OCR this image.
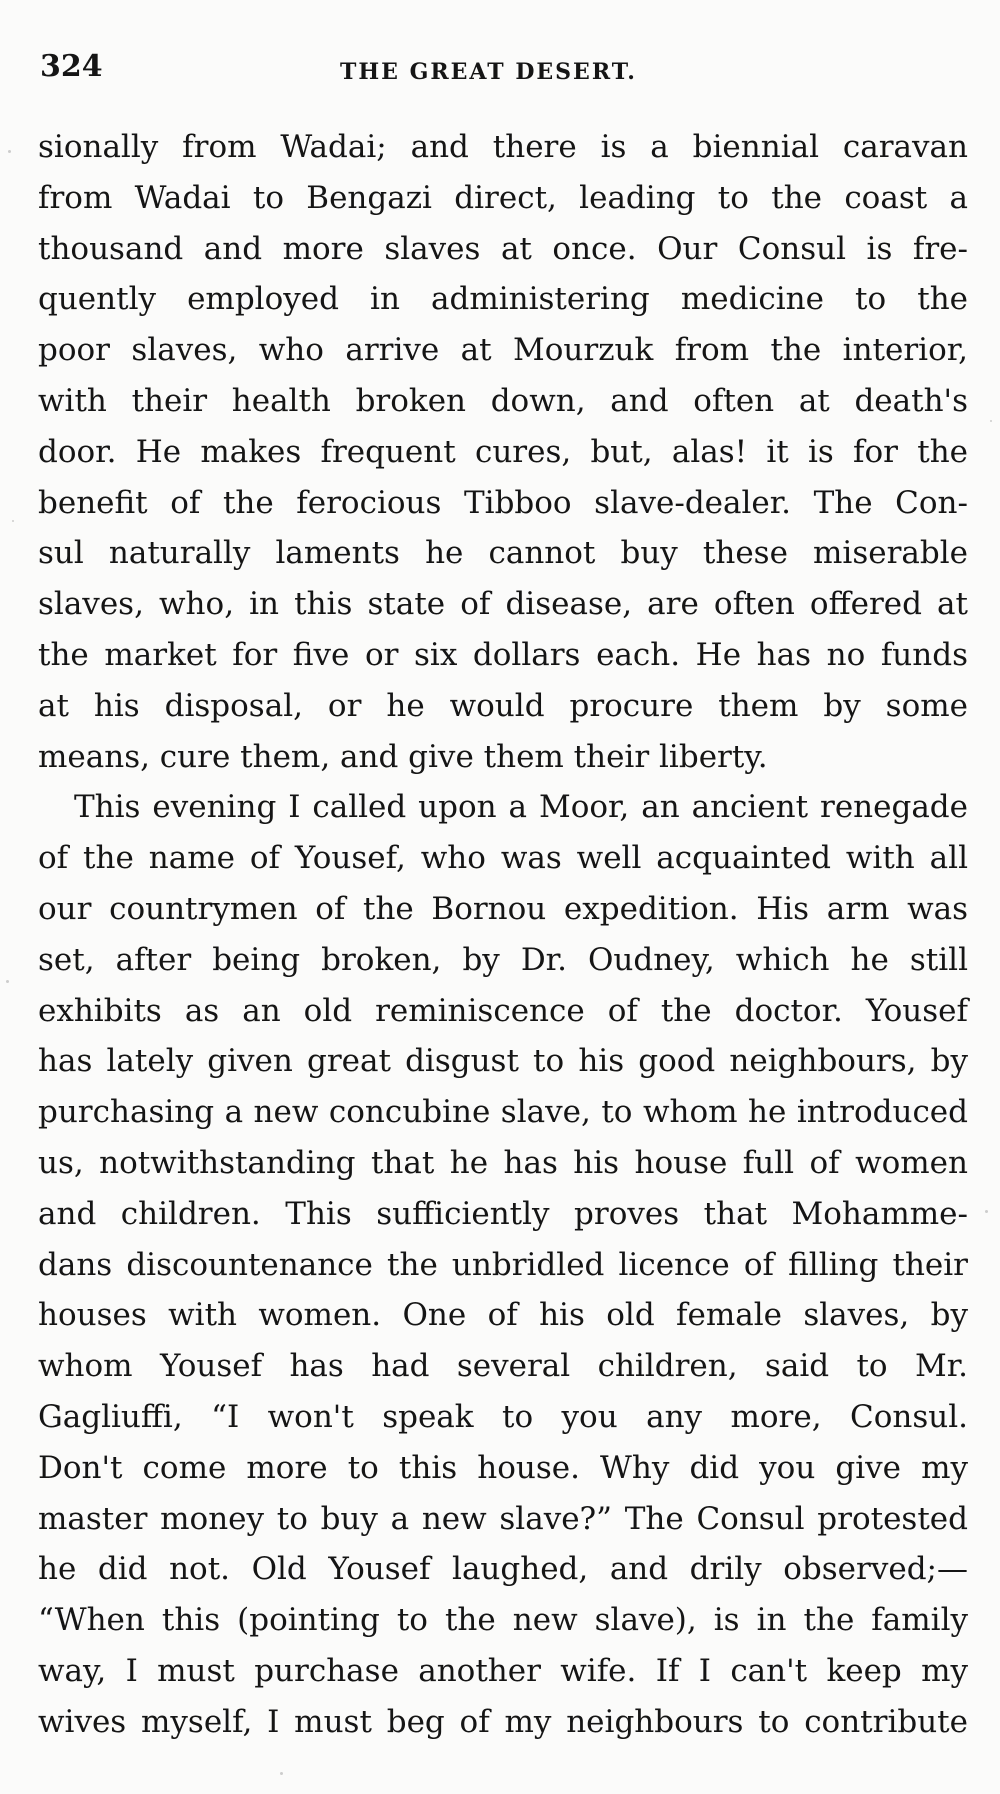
324	THE GREAT DESERT.
sionally from Wadai; and there is a biennial caravan
from Wadai to Bengazi direct, leading to the coast a
thousand and more slaves at once. Our Consul is fre-
quently employed in administering medicine to the
poor slaves, who arrive at Mourzuk from the interior,
with their health broken down, and often at death's
door. He makes frequent cures, but, alas! it is for the
benefit of the ferocious Tibboo slave-dealer. The Con-
sul naturally laments he cannot buy these miserable
slaves, who, in this state of disease, are often offered at
the market for five or six dollars each. He has no funds
at his disposal, or he would procure them by some
means, cure them, and give them their liberty.
This evening I called upon a Moor, an ancient renegade
of the name of Yousef, who was well acquainted with all
our countrymen of the Bornou expedition. His arm was
set, after being broken, by Dr. Oudney, which he still
exhibits as an old reminiscence of the doctor. Yousef
has lately given great disgust to his good neighbours, by
purchasing a new concubine slave, to whom he introduced
us, notwithstanding that he has his house full of women
and children. This sufficiently proves that Mohamme-
dans discountenance the unbridled licence of filling their
houses with women. One of his old female slaves, by
whom Yousef has had several children, said to Mr.
Gagliuffi, “I won't speak to you any more, Consul.
Don't come more to this house. Why did you give my
master money to buy a new slave?” The Consul protested
he did not. Old Yousef laughed, and drily observed;—
“When this (pointing to the new slave), is in the family
way, I must purchase another wife. If I can't keep my
wives myself, I must beg of my neighbours to contribute
